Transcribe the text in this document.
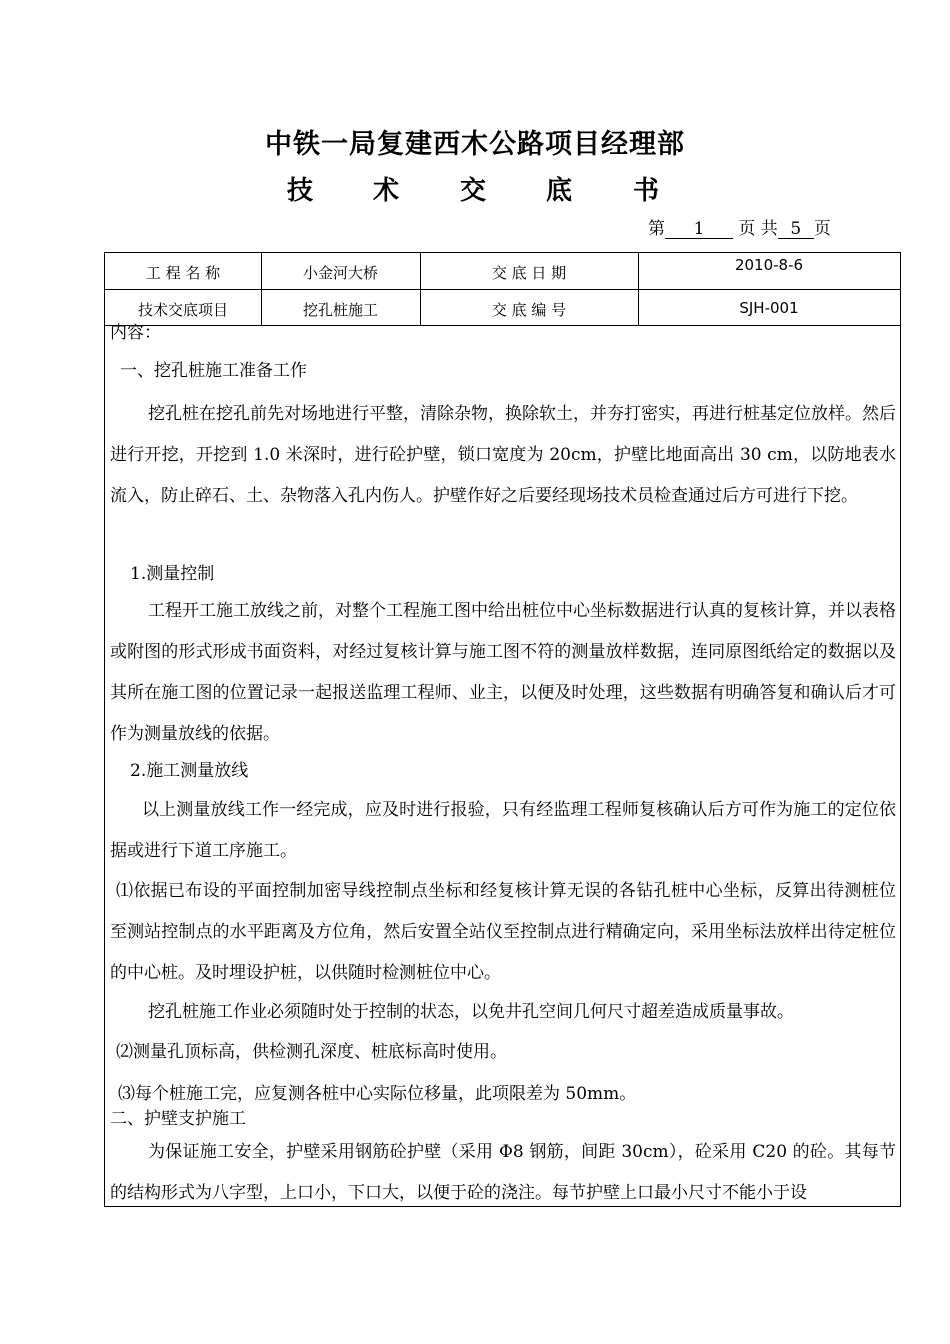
中铁一局复建西木公路项目经理部
技 术 交 底 书
第 1 页 共 5 页
工 程 名 称	小金河大桥	交 底 日 期	2010-8-6
技术交底项目	挖孔桩施工	交 底 编 号	SJH-001
内容：
一、挖孔桩施工准备工作
挖孔桩在挖孔前先对场地进行平整，清除杂物，换除软土，并夯打密实，再进行桩基定位放样。然后进行开挖，开挖到 1.0 米深时，进行砼护壁，锁口宽度为 20cm，护壁比地面高出 30 cm，以防地表水流入，防止碎石、土、杂物落入孔内伤人。护壁作好之后要经现场技术员检查通过后方可进行下挖。
1.测量控制
工程开工施工放线之前，对整个工程施工图中给出桩位中心坐标数据进行认真的复核计算，并以表格或附图的形式形成书面资料，对经过复核计算与施工图不符的测量放样数据，连同原图纸给定的数据以及其所在施工图的位置记录一起报送监理工程师、业主，以便及时处理，这些数据有明确答复和确认后才可作为测量放线的依据。
2.施工测量放线
以上测量放线工作一经完成，应及时进行报验，只有经监理工程师复核确认后方可作为施工的定位依据或进行下道工序施工。
⑴依据已布设的平面控制加密导线控制点坐标和经复核计算无误的各钻孔桩中心坐标，反算出待测桩位至测站控制点的水平距离及方位角，然后安置全站仪至控制点进行精确定向，采用坐标法放样出待定桩位的中心桩。及时埋设护桩，以供随时检测桩位中心。
挖孔桩施工作业必须随时处于控制的状态，以免井孔空间几何尺寸超差造成质量事故。
⑵测量孔顶标高，供检测孔深度、桩底标高时使用。
⑶每个桩施工完，应复测各桩中心实际位移量，此项限差为 50mm。
二、护壁支护施工
为保证施工安全，护壁采用钢筋砼护壁（采用 Φ8 钢筋，间距 30cm），砼采用 C20 的砼。其每节的结构形式为八字型，上口小，下口大，以便于砼的浇注。每节护壁上口最小尺寸不能小于设
